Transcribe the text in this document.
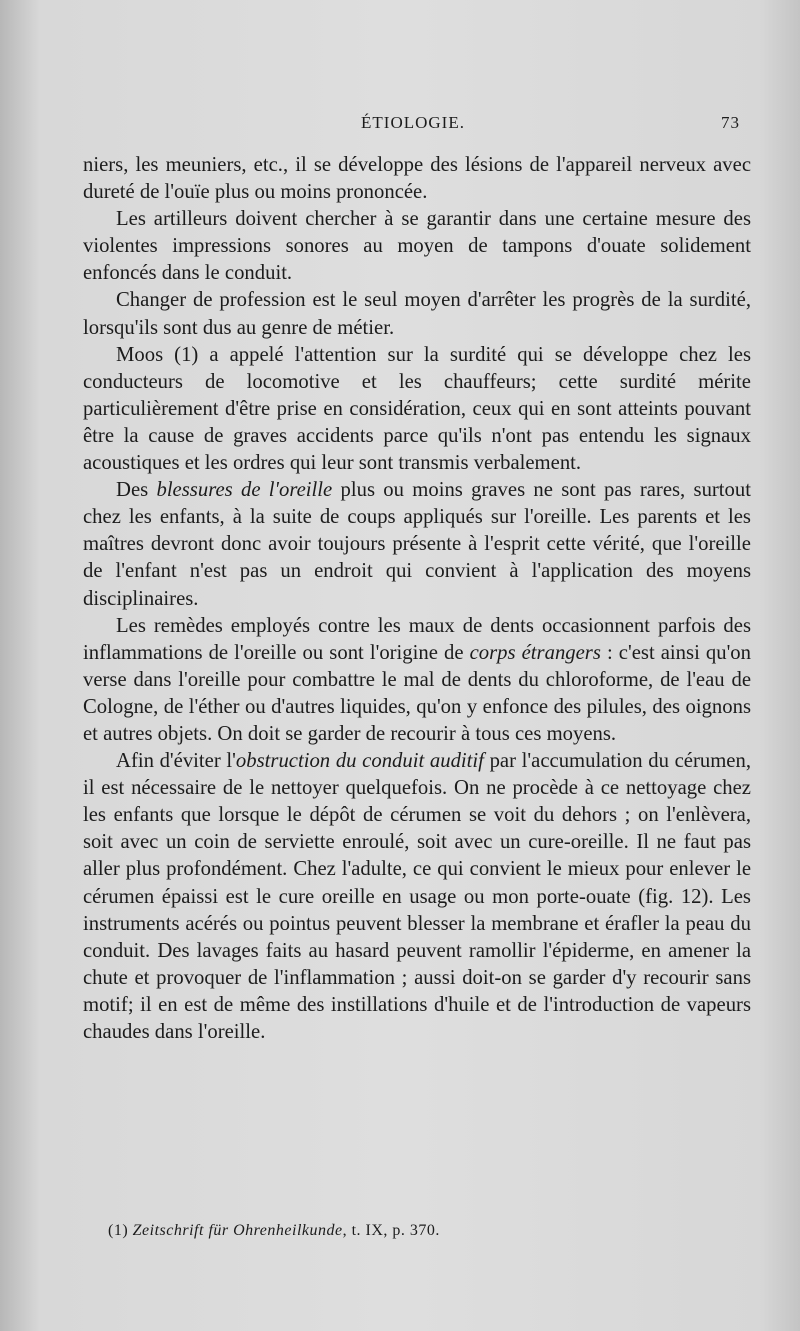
ÉTIOLOGIE.	73

niers, les meuniers, etc., il se développe des lésions de l'appareil nerveux avec dureté de l'ouïe plus ou moins prononcée.

Les artilleurs doivent chercher à se garantir dans une certaine mesure des violentes impressions sonores au moyen de tampons d'ouate solidement enfoncés dans le conduit.

Changer de profession est le seul moyen d'arrêter les progrès de la surdité, lorsqu'ils sont dus au genre de métier.

Moos (1) a appelé l'attention sur la surdité qui se développe chez les conducteurs de locomotive et les chauffeurs; cette surdité mérite particulièrement d'être prise en considération, ceux qui en sont atteints pouvant être la cause de graves accidents parce qu'ils n'ont pas entendu les signaux acoustiques et les ordres qui leur sont transmis verbalement.

Des blessures de l'oreille plus ou moins graves ne sont pas rares, surtout chez les enfants, à la suite de coups appliqués sur l'oreille. Les parents et les maîtres devront donc avoir toujours présente à l'esprit cette vérité, que l'oreille de l'enfant n'est pas un endroit qui convient à l'application des moyens disciplinaires.

Les remèdes employés contre les maux de dents occasionnent parfois des inflammations de l'oreille ou sont l'origine de corps étrangers : c'est ainsi qu'on verse dans l'oreille pour combattre le mal de dents du chloroforme, de l'eau de Cologne, de l'éther ou d'autres liquides, qu'on y enfonce des pilules, des oignons et autres objets. On doit se garder de recourir à tous ces moyens.

Afin d'éviter l'obstruction du conduit auditif par l'accumulation du cérumen, il est nécessaire de le nettoyer quelquefois. On ne procède à ce nettoyage chez les enfants que lorsque le dépôt de cérumen se voit du dehors ; on l'enlèvera, soit avec un coin de serviette enroulé, soit avec un cure-oreille. Il ne faut pas aller plus profondément. Chez l'adulte, ce qui convient le mieux pour enlever le cérumen épaissi est le cure oreille en usage ou mon porte-ouate (fig. 12). Les instruments acérés ou pointus peuvent blesser la membrane et érafler la peau du conduit. Des lavages faits au hasard peuvent ramollir l'épiderme, en amener la chute et provoquer de l'inflammation ; aussi doit-on se garder d'y recourir sans motif; il en est de même des instillations d'huile et de l'introduction de vapeurs chaudes dans l'oreille.

(1) Zeitschrift für Ohrenheilkunde, t. IX, p. 370.
